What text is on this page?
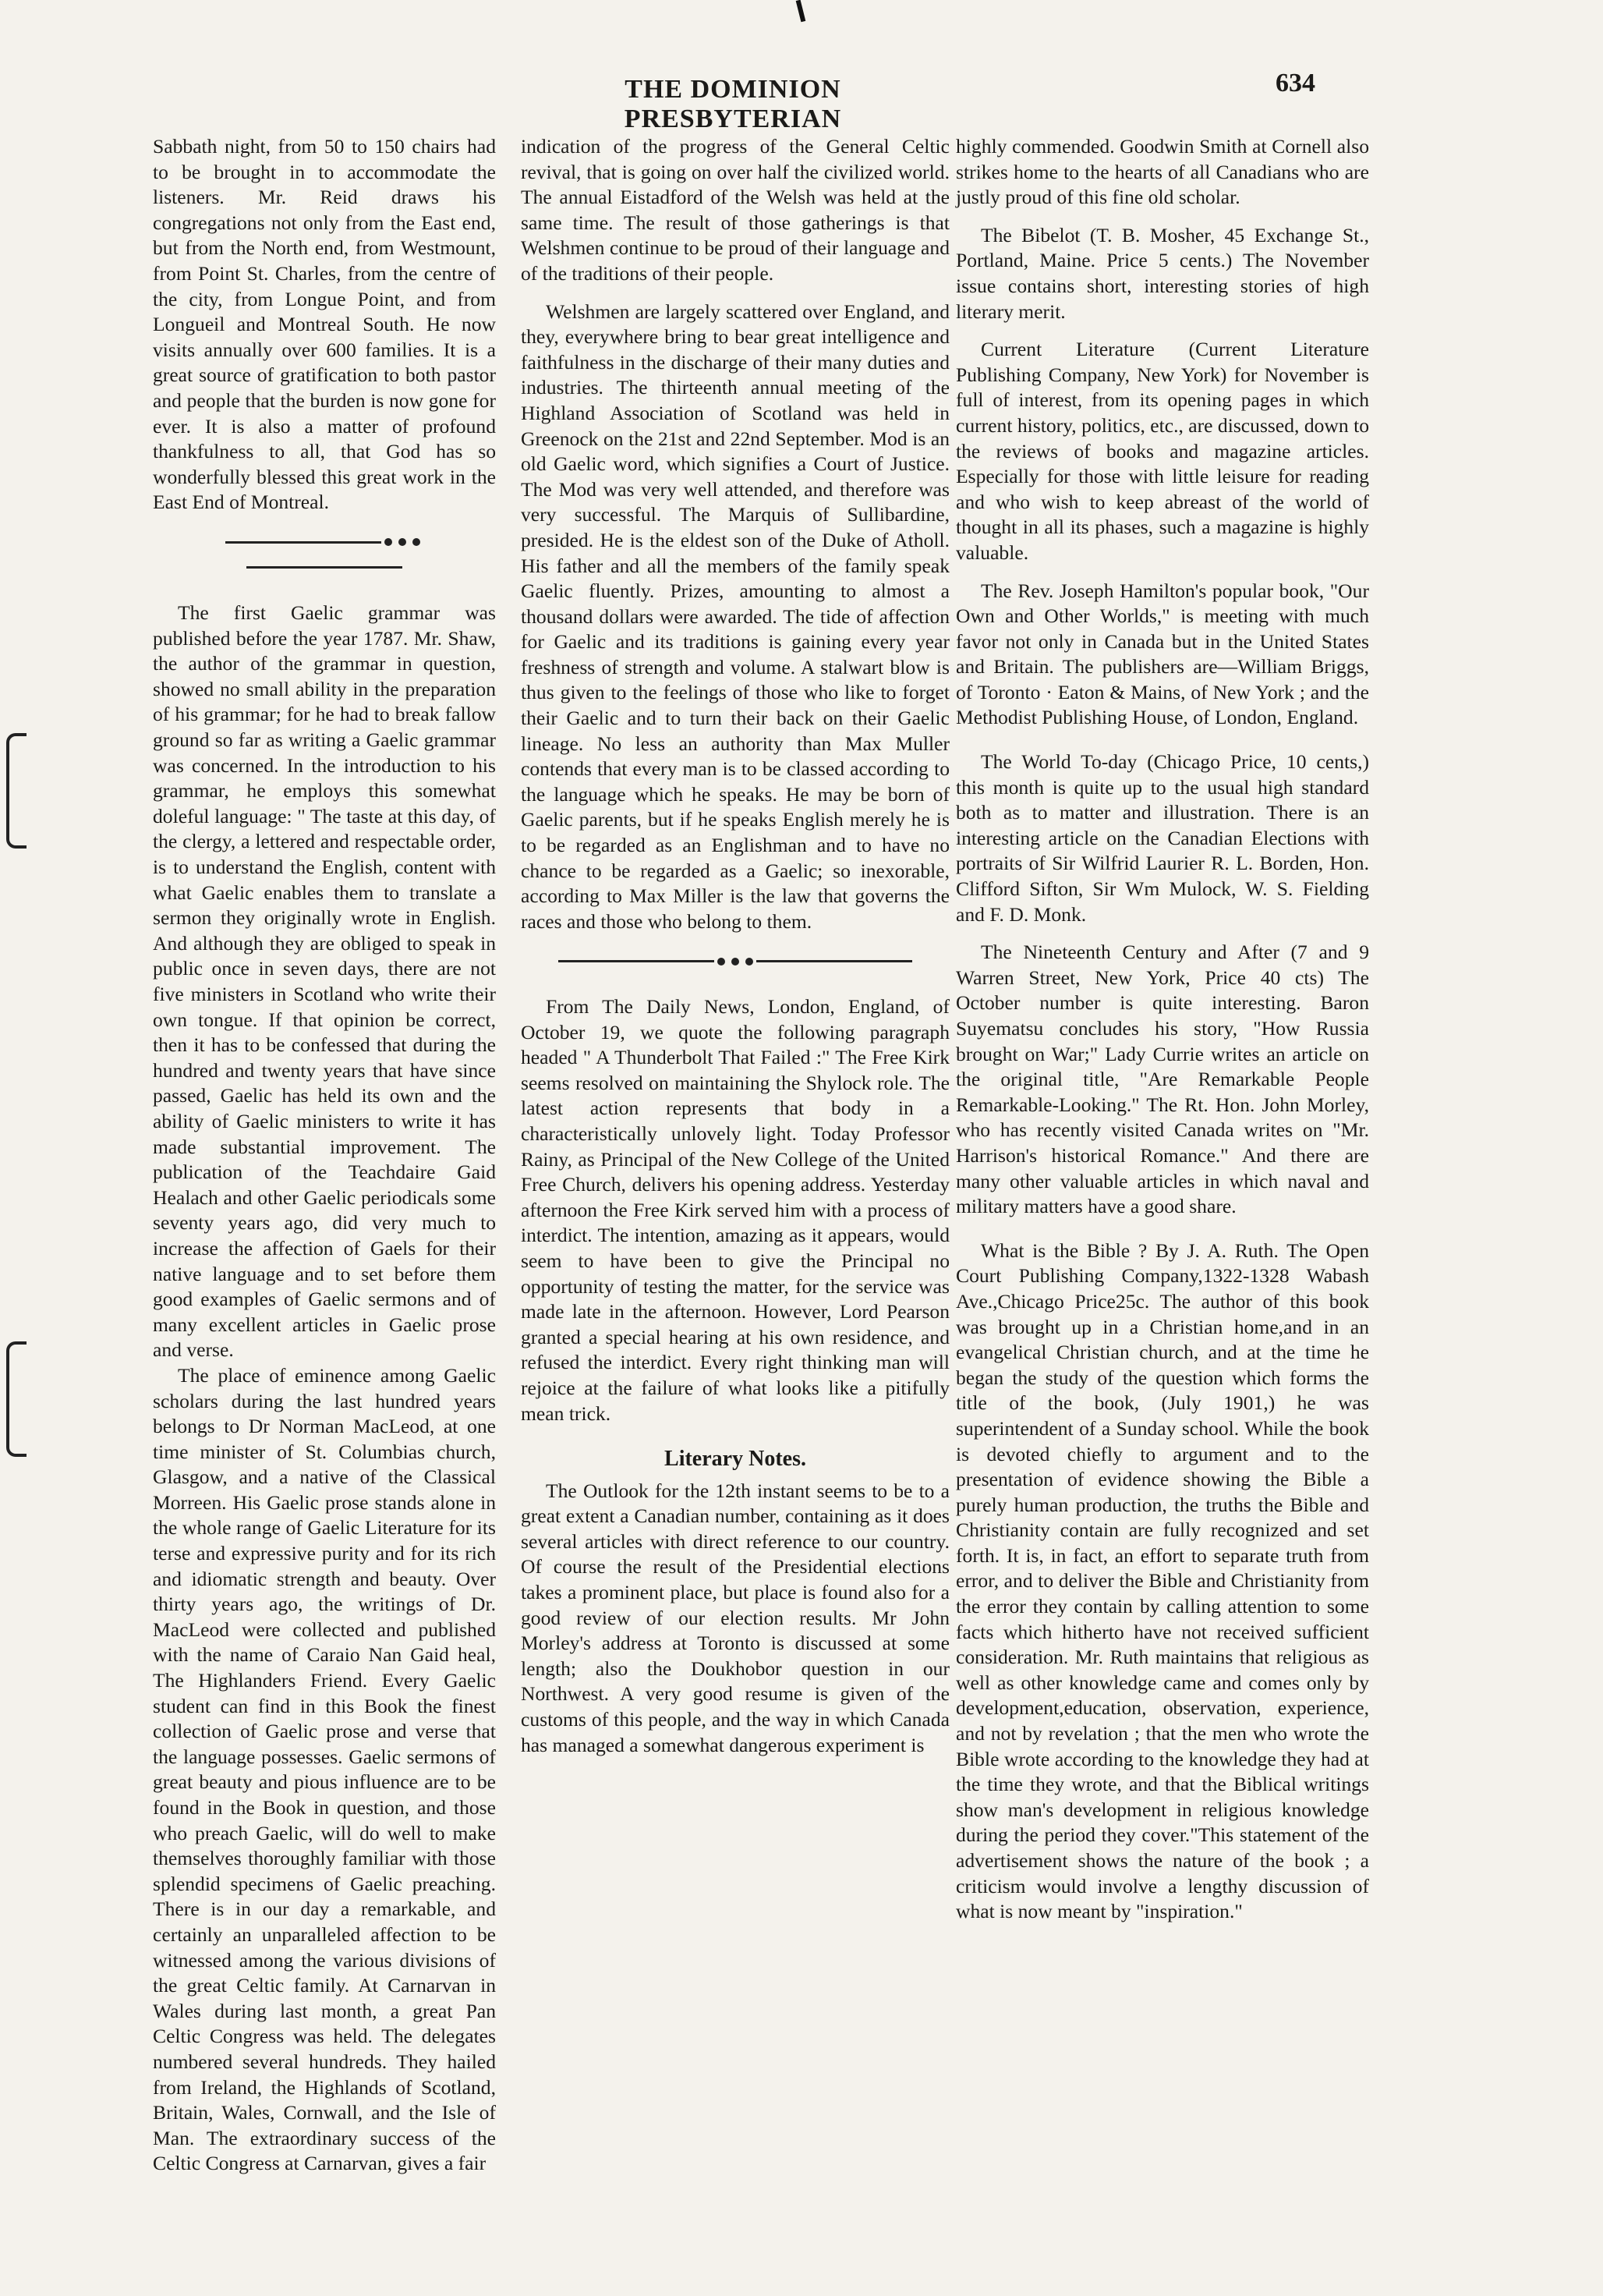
THE DOMINION PRESBYTERIAN
634

Sabbath night, from 50 to 150 chairs had to be brought in to accommodate the listeners. Mr. Reid draws his congregations not only from the East end, but from the North end, from Westmount, from Point St. Charles, from the centre of the city, from Longue Point, and from Longueil and Montreal South. He now visits annually over 600 families. It is a great source of gratification to both pastor and people that the burden is now gone for ever. It is also a matter of profound thankfulness to all, that God has so wonderfully blessed this great work in the East End of Montreal.

The first Gaelic grammar was published before the year 1787. Mr. Shaw, the author of the grammar in question, showed no small ability in the preparation of his grammar; for he had to break fallow ground so far as writing a Gaelic grammar was concerned. In the introduction to his grammar, he employs this somewhat doleful language: " The taste at this day, of the clergy, a lettered and respectable order, is to understand the English, content with what Gaelic enables them to translate a sermon they originally wrote in English. And although they are obliged to speak in public once in seven days, there are not five ministers in Scotland who write their own tongue. If that opinion be correct, then it has to be confessed that during the hundred and twenty years that have since passed, Gaelic has held its own and the ability of Gaelic ministers to write it has made substantial improvement. The publication of the Teachdaire Gaid Healach and other Gaelic periodicals some seventy years ago, did very much to increase the affection of Gaels for their native language and to set before them good examples of Gaelic sermons and of many excellent articles in Gaelic prose and verse.

The place of eminence among Gaelic scholars during the last hundred years belongs to Dr Norman MacLeod, at one time minister of St. Columbias church, Glasgow, and a native of the Classical Morreen. His Gaelic prose stands alone in the whole range of Gaelic Literature for its terse and expressive purity and for its rich and idiomatic strength and beauty. Over thirty years ago, the writings of Dr. MacLeod were collected and published with the name of Caraio Nan Gaid heal, The Highlanders Friend. Every Gaelic student can find in this Book the finest collection of Gaelic prose and verse that the language possesses. Gaelic sermons of great beauty and pious influence are to be found in the Book in question, and those who preach Gaelic, will do well to make themselves thoroughly familiar with those splendid specimens of Gaelic preaching. There is in our day a remarkable, and certainly an unparalleled affection to be witnessed among the various divisions of the great Celtic family. At Carnarvan in Wales during last month, a great Pan Celtic Congress was held. The delegates numbered several hundreds. They hailed from Ireland, the Highlands of Scotland, Britain, Wales, Cornwall, and the Isle of Man. The extraordinary success of the Celtic Congress at Carnarvan, gives a fair

indication of the progress of the General Celtic revival, that is going on over half the civilized world. The annual Eistadford of the Welsh was held at the same time. The result of those gatherings is that Welshmen continue to be proud of their language and of the traditions of their people.

Welshmen are largely scattered over England, and they, everywhere bring to bear great intelligence and faithfulness in the discharge of their many duties and industries. The thirteenth annual meeting of the Highland Association of Scotland was held in Greenock on the 21st and 22nd September. Mod is an old Gaelic word, which signifies a Court of Justice. The Mod was very well attended, and therefore was very successful. The Marquis of Sullibardine, presided. He is the eldest son of the Duke of Atholl. His father and all the members of the family speak Gaelic fluently. Prizes, amounting to almost a thousand dollars were awarded. The tide of affection for Gaelic and its traditions is gaining every year freshness of strength and volume. A stalwart blow is thus given to the feelings of those who like to forget their Gaelic and to turn their back on their Gaelic lineage. No less an authority than Max Muller contends that every man is to be classed according to the language which he speaks. He may be born of Gaelic parents, but if he speaks English merely he is to be regarded as an Englishman and to have no chance to be regarded as a Gaelic; so inexorable, according to Max Miller is the law that governs the races and those who belong to them.

From The Daily News, London, England, of October 19, we quote the following paragraph headed " A Thunderbolt That Failed :" The Free Kirk seems resolved on maintaining the Shylock role. The latest action represents that body in a characteristically unlovely light. Today Professor Rainy, as Principal of the New College of the United Free Church, delivers his opening address. Yesterday afternoon the Free Kirk served him with a process of interdict. The intention, amazing as it appears, would seem to have been to give the Principal no opportunity of testing the matter, for the service was made late in the afternoon. However, Lord Pearson granted a special hearing at his own residence, and refused the interdict. Every right thinking man will rejoice at the failure of what looks like a pitifully mean trick.

Literary Notes.

The Outlook for the 12th instant seems to be to a great extent a Canadian number, containing as it does several articles with direct reference to our country. Of course the result of the Presidential elections takes a prominent place, but place is found also for a good review of our election results. Mr John Morley's address at Toronto is discussed at some length; also the Doukhobor question in our Northwest. A very good resume is given of the customs of this people, and the way in which Canada has managed a somewhat dangerous experiment is

highly commended. Goodwin Smith at Cornell also strikes home to the hearts of all Canadians who are justly proud of this fine old scholar.

The Bibelot (T. B. Mosher, 45 Exchange St., Portland, Maine. Price 5 cents.) The November issue contains short, interesting stories of high literary merit.

Current Literature (Current Literature Publishing Company, New York) for November is full of interest, from its opening pages in which current history, politics, etc., are discussed, down to the reviews of books and magazine articles. Especially for those with little leisure for reading and who wish to keep abreast of the world of thought in all its phases, such a magazine is highly valuable.

The Rev. Joseph Hamilton's popular book, "Our Own and Other Worlds," is meeting with much favor not only in Canada but in the United States and Britain. The publishers are—William Briggs, of Toronto · Eaton & Mains, of New York ; and the Methodist Publishing House, of London, England.

The World To-day (Chicago Price, 10 cents,) this month is quite up to the usual high standard both as to matter and illustration. There is an interesting article on the Canadian Elections with portraits of Sir Wilfrid Laurier R. L. Borden, Hon. Clifford Sifton, Sir Wm Mulock, W. S. Fielding and F. D. Monk.

The Nineteenth Century and After (7 and 9 Warren Street, New York, Price 40 cts) The October number is quite interesting. Baron Suyematsu concludes his story, "How Russia brought on War;" Lady Currie writes an article on the original title, "Are Remarkable People Remarkable-Looking." The Rt. Hon. John Morley, who has recently visited Canada writes on "Mr. Harrison's historical Romance." And there are many other valuable articles in which naval and military matters have a good share.

What is the Bible ? By J. A. Ruth. The Open Court Publishing Company,1322-1328 Wabash Ave.,Chicago Price25c. The author of this book was brought up in a Christian home,and in an evangelical Christian church, and at the time he began the study of the question which forms the title of the book, (July 1901,) he was superintendent of a Sunday school. While the book is devoted chiefly to argument and to the presentation of evidence showing the Bible a purely human production, the truths the Bible and Christianity contain are fully recognized and set forth. It is, in fact, an effort to separate truth from error, and to deliver the Bible and Christianity from the error they contain by calling attention to some facts which hitherto have not received sufficient consideration. Mr. Ruth maintains that religious as well as other knowledge came and comes only by development,education, observation, experience, and not by revelation ; that the men who wrote the Bible wrote according to the knowledge they had at the time they wrote, and that the Biblical writings show man's development in religious knowledge during the period they cover."This statement of the advertisement shows the nature of the book ; a criticism would involve a lengthy discussion of what is now meant by "inspiration."
